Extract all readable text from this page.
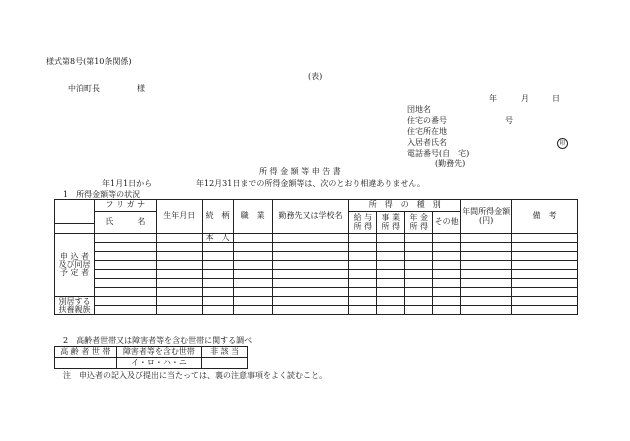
様式第8号(第10条関係)
(表)
中泊町長	様
年	月	日
団地名
住宅の番号	号
住宅所在地
入居者氏名	印
電話番号(自　宅)
(勤務先)
所 得 金 額 等 申 告 書
年1月1日から	年12月31日までの所得金額等は、次のとおり相違ありません。
1　所得金額等の状況
	フ リ ガ ナ	生年月日	続　柄	職　業	勤務先又は学校名	所　得　の　種　別				年間所得金額 (円)	備　考
	氏　　　名					給 与 所 得	事 業 所 得	年 金 所 得	その他		

申 込 者 及び同居 予 定 者			本　人								

別居する 扶養親族											

2　高齢者世帯又は障害者等を含む世帯に関する調べ
高 齢 者 世 帯	障害者等を含む世帯	非 該 当
	イ・ロ・ハ・ニ	
注　申込者の記入及び提出に当たっては、裏の注意事項をよく読むこと。
